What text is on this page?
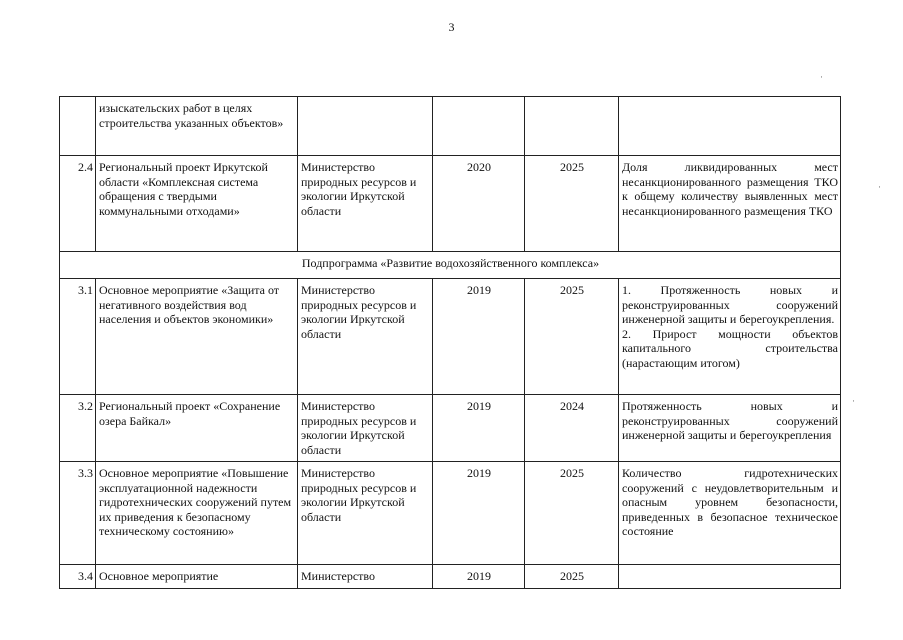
3
	изыскательских работ в целях строительства указанных объектов»				
2.4	Региональный проект Иркутской области «Комплексная система обращения с твердыми коммунальными отходами»	Министерство природных ресурсов и экологии Иркутской области	2020	2025	Доля ликвидированных мест несанкционированного размещения ТКО к общему количеству выявленных мест несанкционированного размещения ТКО
Подпрограмма «Развитие водохозяйственного комплекса»					
3.1	Основное мероприятие «Защита от негативного воздействия вод населения и объектов экономики»	Министерство природных ресурсов и экологии Иркутской области	2019	2025	1. Протяженность новых и реконструированных сооружений инженерной защиты и берегоукрепления.
2. Прирост мощности объектов капитального строительства (нарастающим итогом)

3.2	Региональный проект «Сохранение озера Байкал»	Министерство природных ресурсов и экологии Иркутской области	2019	2024	Протяженность новых и реконструированных сооружений инженерной защиты и берегоукрепления
3.3	Основное мероприятие «Повышение эксплуатационной надежности гидротехнических сооружений путем их приведения к безопасному техническому состоянию»	Министерство природных ресурсов и экологии Иркутской области	2019	2025	Количество гидротехнических сооружений с неудовлетворительным и опасным уровнем безопасности, приведенных в безопасное техническое состояние
3.4	Основное мероприятие	Министерство	2019	2025	
·
·
·
